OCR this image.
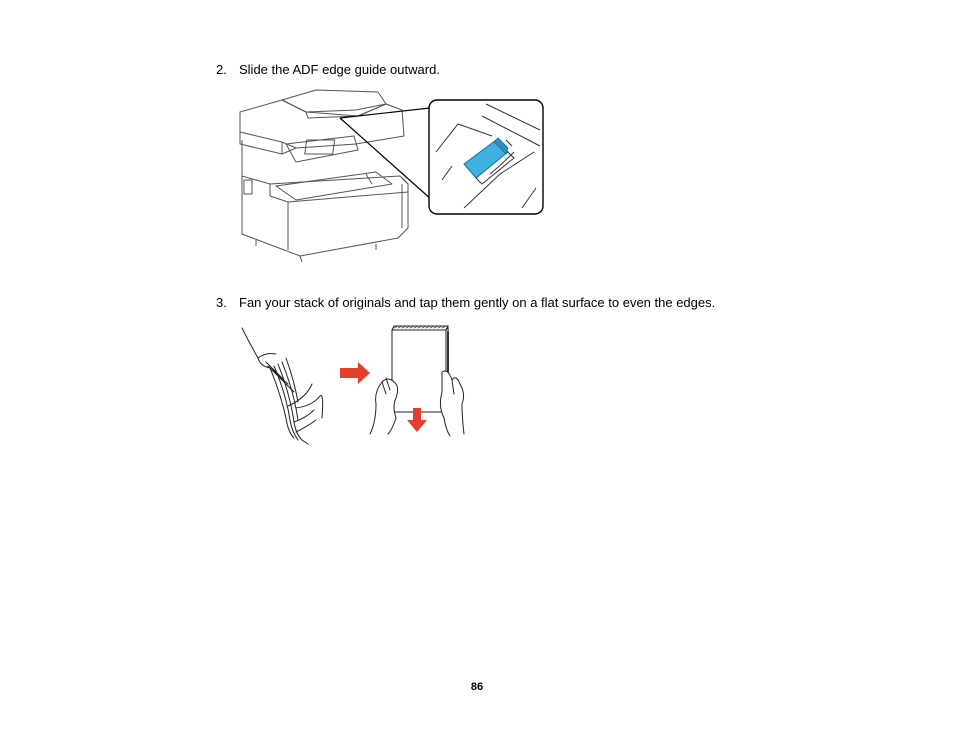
2. Slide the ADF edge guide outward.
3. Fan your stack of originals and tap them gently on a flat surface to even the edges.
86
